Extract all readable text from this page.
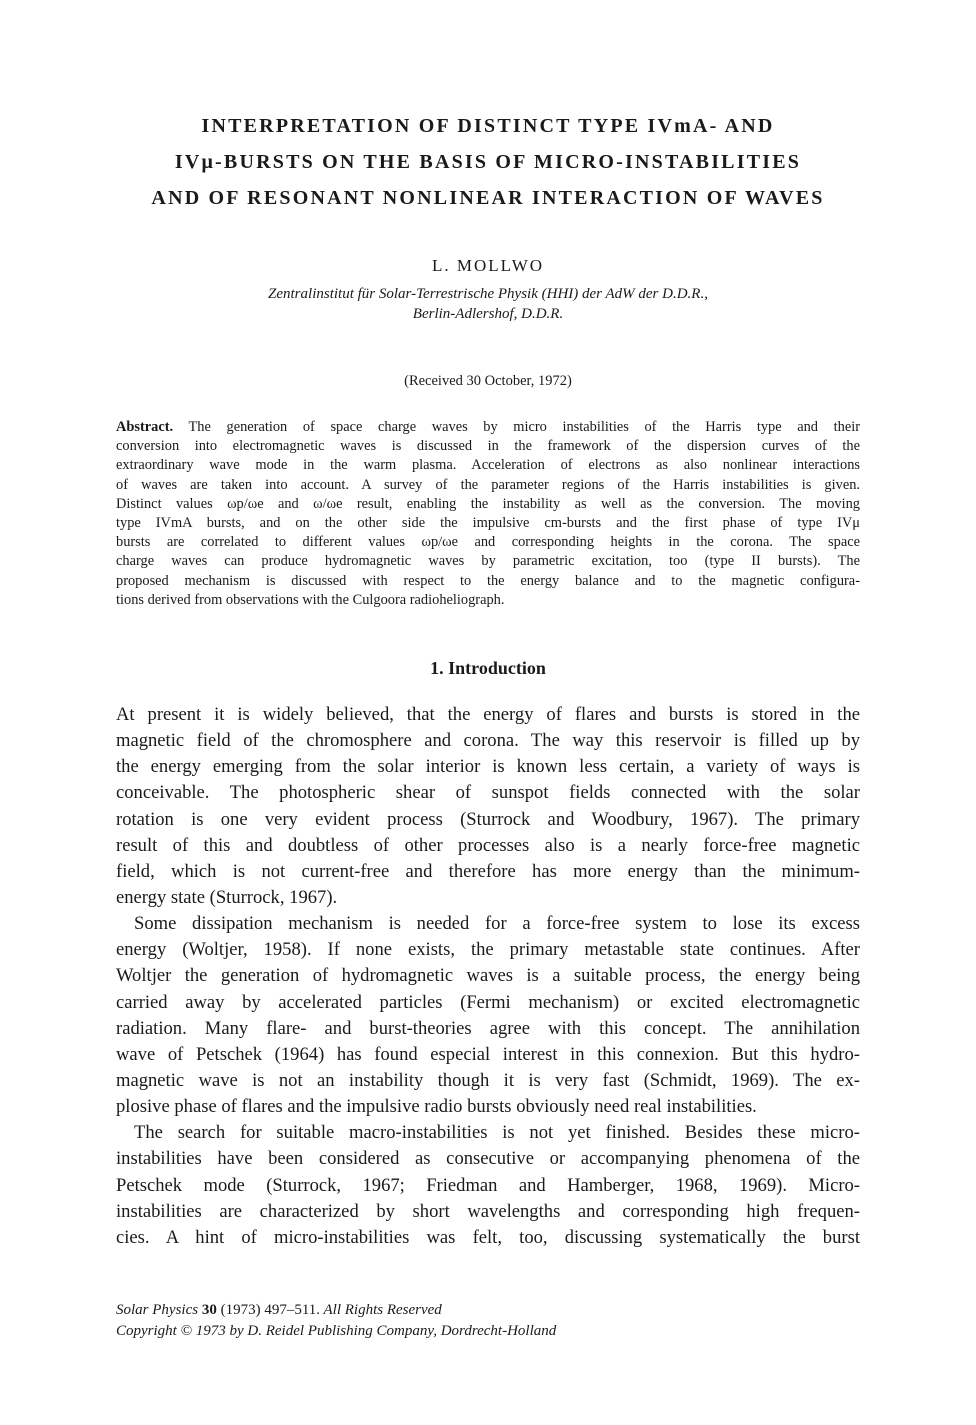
INTERPRETATION OF DISTINCT TYPE IVmA- AND
IVμ-BURSTS ON THE BASIS OF MICRO-INSTABILITIES
AND OF RESONANT NONLINEAR INTERACTION OF WAVES
L. MOLLWO
Zentralinstitut für Solar-Terrestrische Physik (HHI) der AdW der D.D.R.,
Berlin-Adlershof, D.D.R.
(Received 30 October, 1972)
Abstract. The generation of space charge waves by micro instabilities of the Harris type and their
conversion into electromagnetic waves is discussed in the framework of the dispersion curves of the
extraordinary wave mode in the warm plasma. Acceleration of electrons as also nonlinear interactions
of waves are taken into account. A survey of the parameter regions of the Harris instabilities is given.
Distinct values ωp/ωe and ω/ωe result, enabling the instability as well as the conversion. The moving
type IVmA bursts, and on the other side the impulsive cm-bursts and the first phase of type IVμ
bursts are correlated to different values ωp/ωe and corresponding heights in the corona. The space
charge waves can produce hydromagnetic waves by parametric excitation, too (type II bursts). The
proposed mechanism is discussed with respect to the energy balance and to the magnetic configura-
tions derived from observations with the Culgoora radioheliograph.
1. Introduction
At present it is widely believed, that the energy of flares and bursts is stored in the
magnetic field of the chromosphere and corona. The way this reservoir is filled up by
the energy emerging from the solar interior is known less certain, a variety of ways is
conceivable. The photospheric shear of sunspot fields connected with the solar
rotation is one very evident process (Sturrock and Woodbury, 1967). The primary
result of this and doubtless of other processes also is a nearly force-free magnetic
field, which is not current-free and therefore has more energy than the minimum-
energy state (Sturrock, 1967).
Some dissipation mechanism is needed for a force-free system to lose its excess
energy (Woltjer, 1958). If none exists, the primary metastable state continues. After
Woltjer the generation of hydromagnetic waves is a suitable process, the energy being
carried away by accelerated particles (Fermi mechanism) or excited electromagnetic
radiation. Many flare- and burst-theories agree with this concept. The annihilation
wave of Petschek (1964) has found especial interest in this connexion. But this hydro-
magnetic wave is not an instability though it is very fast (Schmidt, 1969). The ex-
plosive phase of flares and the impulsive radio bursts obviously need real instabilities.
The search for suitable macro-instabilities is not yet finished. Besides these micro-
instabilities have been considered as consecutive or accompanying phenomena of the
Petschek mode (Sturrock, 1967; Friedman and Hamberger, 1968, 1969). Micro-
instabilities are characterized by short wavelengths and corresponding high frequen-
cies. A hint of micro-instabilities was felt, too, discussing systematically the burst
Solar Physics 30 (1973) 497–511. All Rights Reserved
Copyright © 1973 by D. Reidel Publishing Company, Dordrecht-Holland
